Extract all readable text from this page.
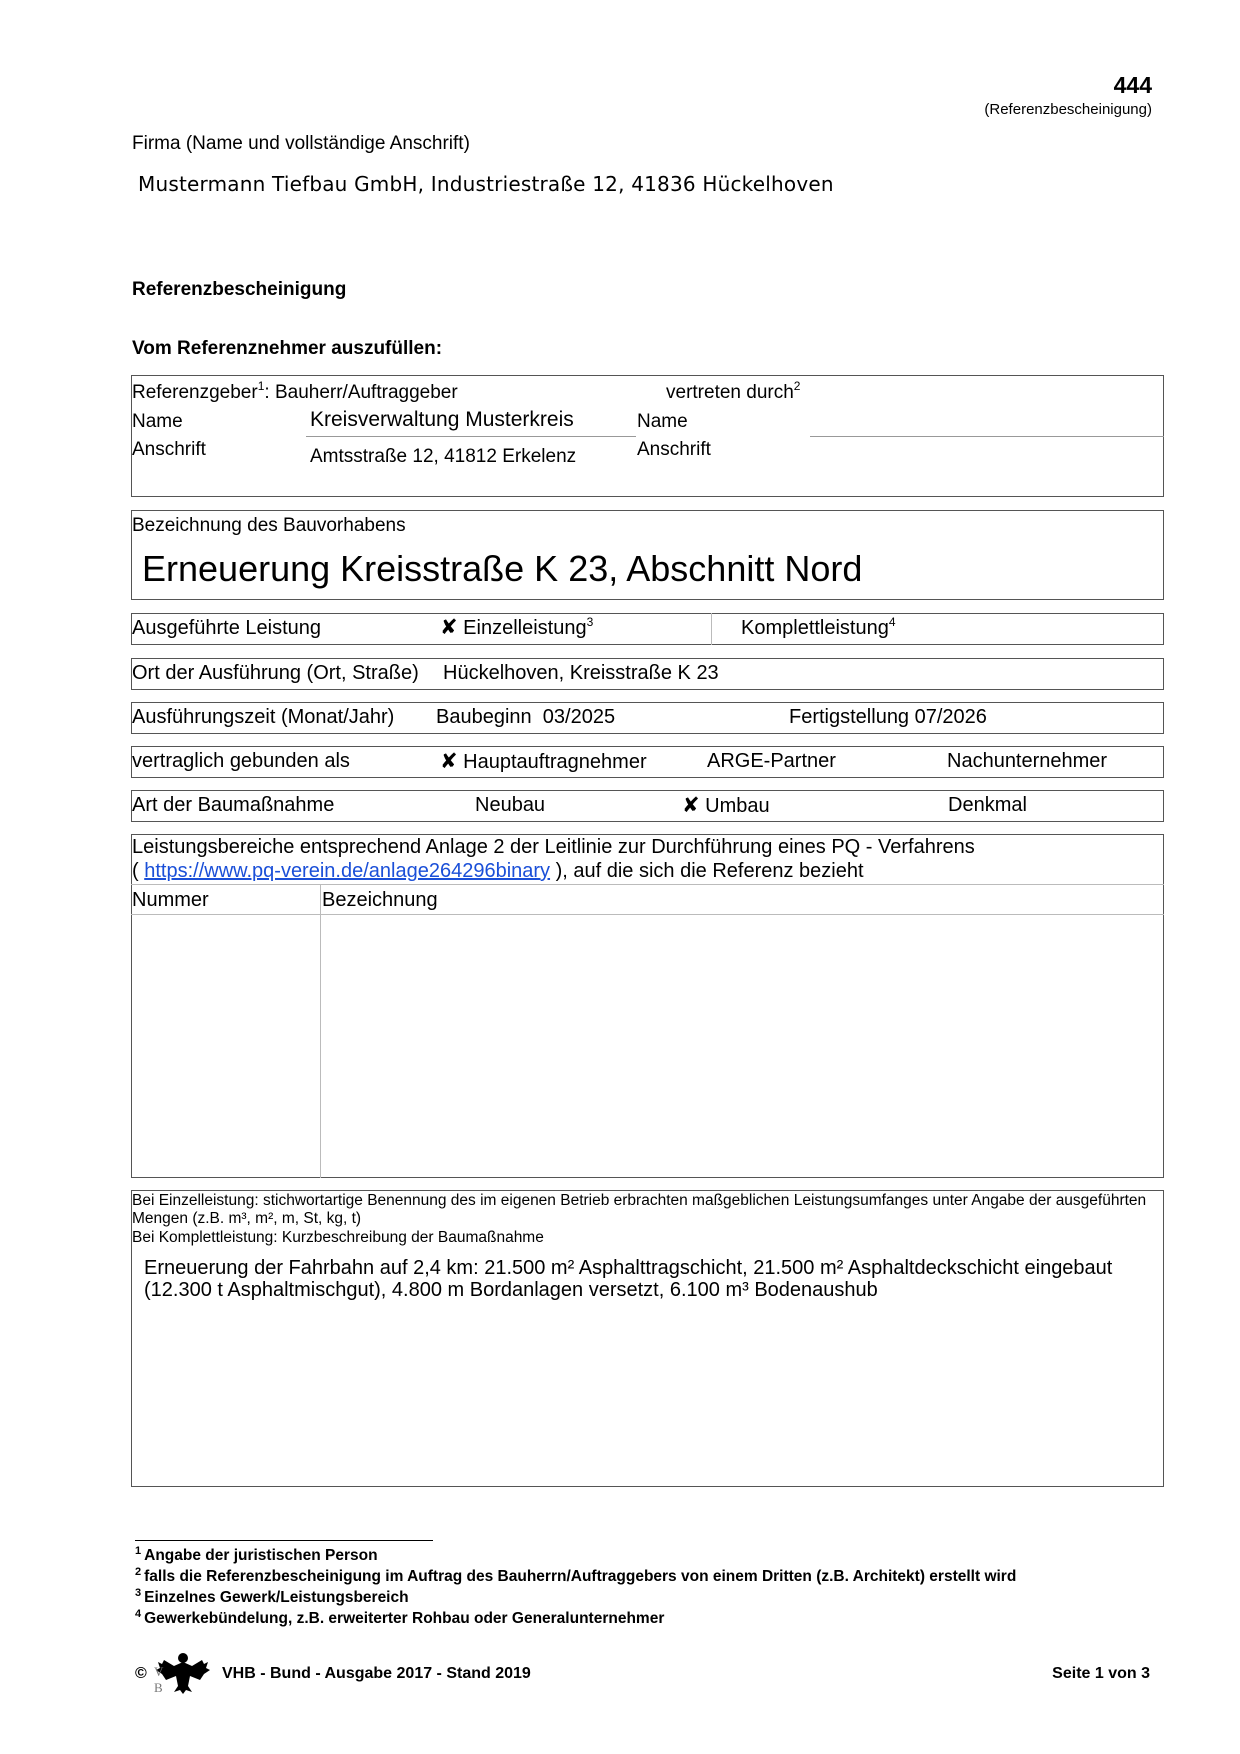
444
(Referenzbescheinigung)
Firma (Name und vollständige Anschrift)
Mustermann Tiefbau GmbH, Industriestraße 12, 41836 Hückelhoven
Referenzbescheinigung
Vom Referenznehmer auszufüllen:
Referenzgeber$^1$: Bauherr/Auftraggeber	vertreten durch$^2$
Name	Kreisverwaltung Musterkreis
Anschrift	Amtsstraße 12, 41812 Erkelenz
Name
Anschrift
Bezeichnung des Bauvorhabens
Erneuerung Kreisstraße K 23, Abschnitt Nord
Ausgeführte Leistung	✘ Einzelleistung$^3$	Komplettleistung$^4$
Ort der Ausführung (Ort, Straße) Hückelhoven, Kreisstraße K 23
Ausführungszeit (Monat/Jahr) Baubeginn 03/2025	Fertigstellung 07/2026
vertraglich gebunden als	✘ Hauptauftragnehmer	ARGE-Partner	Nachunternehmer
Art der Baumaßnahme	Neubau	✘ Umbau	Denkmal
Leistungsbereiche entsprechend Anlage 2 der Leitlinie zur Durchführung eines PQ - Verfahrens
( https://www.pq-verein.de/anlage264296binary ), auf die sich die Referenz bezieht
Nummer	Bezeichnung
Bei Einzelleistung: stichwortartige Benennung des im eigenen Betrieb erbrachten maßgeblichen Leistungsumfanges unter Angabe der ausgeführten Mengen (z.B. m³, m², m, St, kg, t)
Bei Komplettleistung: Kurzbeschreibung der Baumaßnahme
Erneuerung der Fahrbahn auf 2,4 km: 21.500 m² Asphalttragschicht, 21.500 m² Asphaltdeckschicht eingebaut (12.300 t Asphaltmischgut), 4.800 m Bordanlagen versetzt, 6.100 m³ Bodenaushub
$^1$ Angabe der juristischen Person
$^2$ falls die Referenzbescheinigung im Auftrag des Bauherrn/Auftraggebers von einem Dritten (z.B. Architekt) erstellt wird
$^3$ Einzelnes Gewerk/Leistungsbereich
$^4$ Gewerkebündelung, z.B. erweiterter Rohbau oder Generalunternehmer
© V B
VHB - Bund - Ausgabe 2017 - Stand 2019	Seite 1 von 3
